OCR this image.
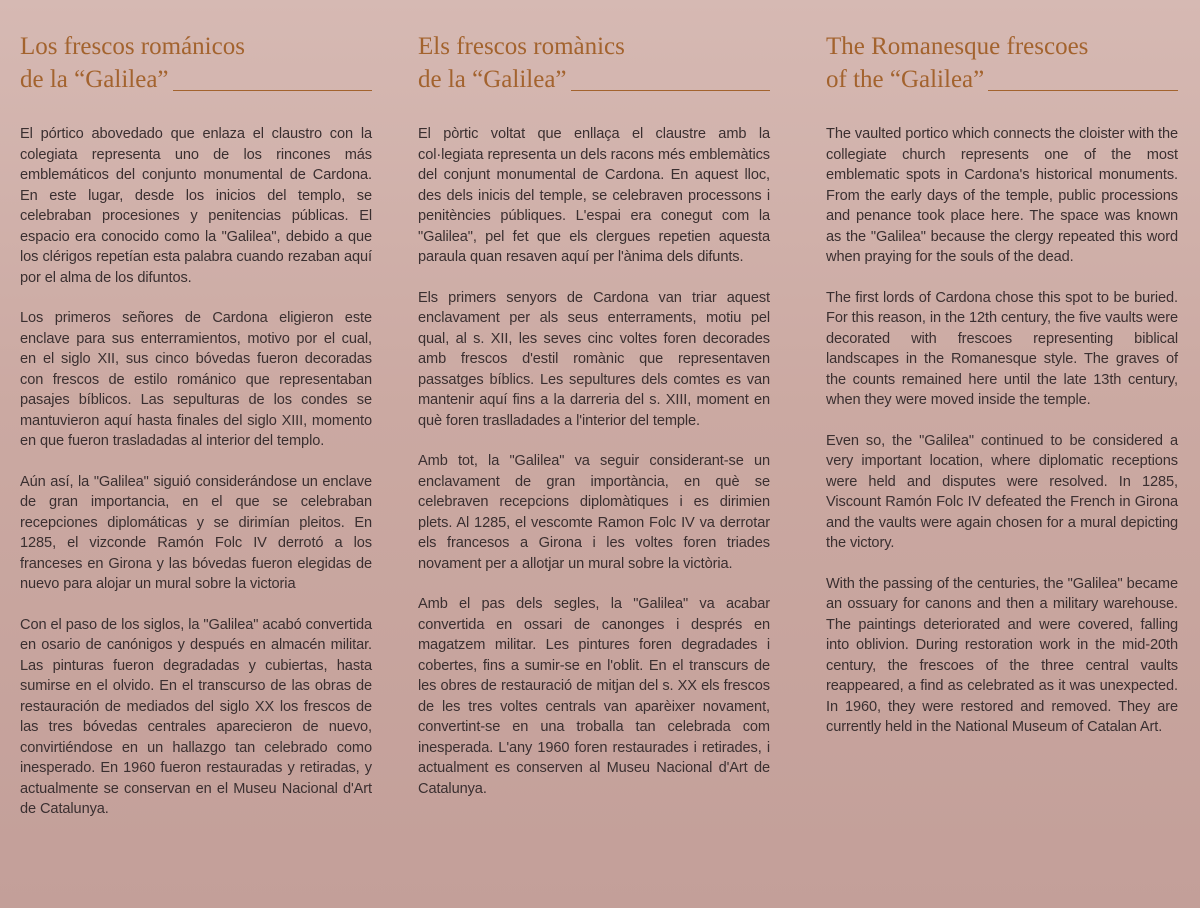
Los frescos románicos
de la “Galilea”

El pórtico abovedado que enlaza el claustro con la colegiata representa uno de los rincones más emblemáticos del conjunto monumental de Cardona. En este lugar, desde los inicios del templo, se celebraban procesiones y penitencias públicas. El espacio era conocido como la "Galilea", debido a que los clérigos repetían esta palabra cuando rezaban aquí por el alma de los difuntos.

Los primeros señores de Cardona eligieron este enclave para sus enterramientos, motivo por el cual, en el siglo XII, sus cinco bóvedas fueron decoradas con frescos de estilo románico que representaban pasajes bíblicos. Las sepulturas de los condes se mantuvieron aquí hasta finales del siglo XIII, momento en que fueron trasladadas al interior del templo.

Aún así, la "Galilea" siguió considerándose un enclave de gran importancia, en el que se celebraban recepciones diplomáticas y se dirimían pleitos. En 1285, el vizconde Ramón Folc IV derrotó a los franceses en Girona y las bóvedas fueron elegidas de nuevo para alojar un mural sobre la victoria

Con el paso de los siglos, la "Galilea" acabó convertida en osario de canónigos y después en almacén militar. Las pinturas fueron degradadas y cubiertas, hasta sumirse en el olvido. En el transcurso de las obras de restauración de mediados del siglo XX los frescos de las tres bóvedas centrales aparecieron de nuevo, convirtiéndose en un hallazgo tan celebrado como inesperado. En 1960 fueron restauradas y retiradas, y actualmente se conservan en el Museu Nacional d'Art de Catalunya.

Els frescos romànics
de la “Galilea”

El pòrtic voltat que enllaça el claustre amb la col·legiata representa un dels racons més emblemàtics del conjunt monumental de Cardona. En aquest lloc, des dels inicis del temple, se celebraven processons i penitències públiques. L'espai era conegut com la "Galilea", pel fet que els clergues repetien aquesta paraula quan resaven aquí per l'ànima dels difunts.

Els primers senyors de Cardona van triar aquest enclavament per als seus enterraments, motiu pel qual, al s. XII, les seves cinc voltes foren decorades amb frescos d'estil romànic que representaven passatges bíblics. Les sepultures dels comtes es van mantenir aquí fins a la darreria del s. XIII, moment en què foren traslladades a l'interior del temple.

Amb tot, la "Galilea" va seguir considerant-se un enclavament de gran importància, en què se celebraven recepcions diplomàtiques i es dirimien plets. Al 1285, el vescomte Ramon Folc IV va derrotar els francesos a Girona i les voltes foren triades novament per a allotjar un mural sobre la victòria.

Amb el pas dels segles, la "Galilea" va acabar convertida en ossari de canonges i després en magatzem militar. Les pintures foren degradades i cobertes, fins a sumir-se en l'oblit. En el transcurs de les obres de restauració de mitjan del s. XX els frescos de les tres voltes centrals van aparèixer novament, convertint-se en una troballa tan celebrada com inesperada. L'any 1960 foren restaurades i retirades, i actualment es conserven al Museu Nacional d'Art de Catalunya.

The Romanesque frescoes
of the “Galilea”

The vaulted portico which connects the cloister with the collegiate church represents one of the most emblematic spots in Cardona's historical monuments. From the early days of the temple, public processions and penance took place here. The space was known as the "Galilea" because the clergy repeated this word when praying for the souls of the dead.

The first lords of Cardona chose this spot to be buried. For this reason, in the 12th century, the five vaults were decorated with frescoes representing biblical landscapes in the Romanesque style. The graves of the counts remained here until the late 13th century, when they were moved inside the temple.

Even so, the "Galilea" continued to be considered a very important location, where diplomatic receptions were held and disputes were resolved. In 1285, Viscount Ramón Folc IV defeated the French in Girona and the vaults were again chosen for a mural depicting the victory.

With the passing of the centuries, the "Galilea" became an ossuary for canons and then a military warehouse. The paintings deteriorated and were covered, falling into oblivion. During restoration work in the mid-20th century, the frescoes of the three central vaults reappeared, a find as celebrated as it was unexpected. In 1960, they were restored and removed. They are currently held in the National Museum of Catalan Art.
